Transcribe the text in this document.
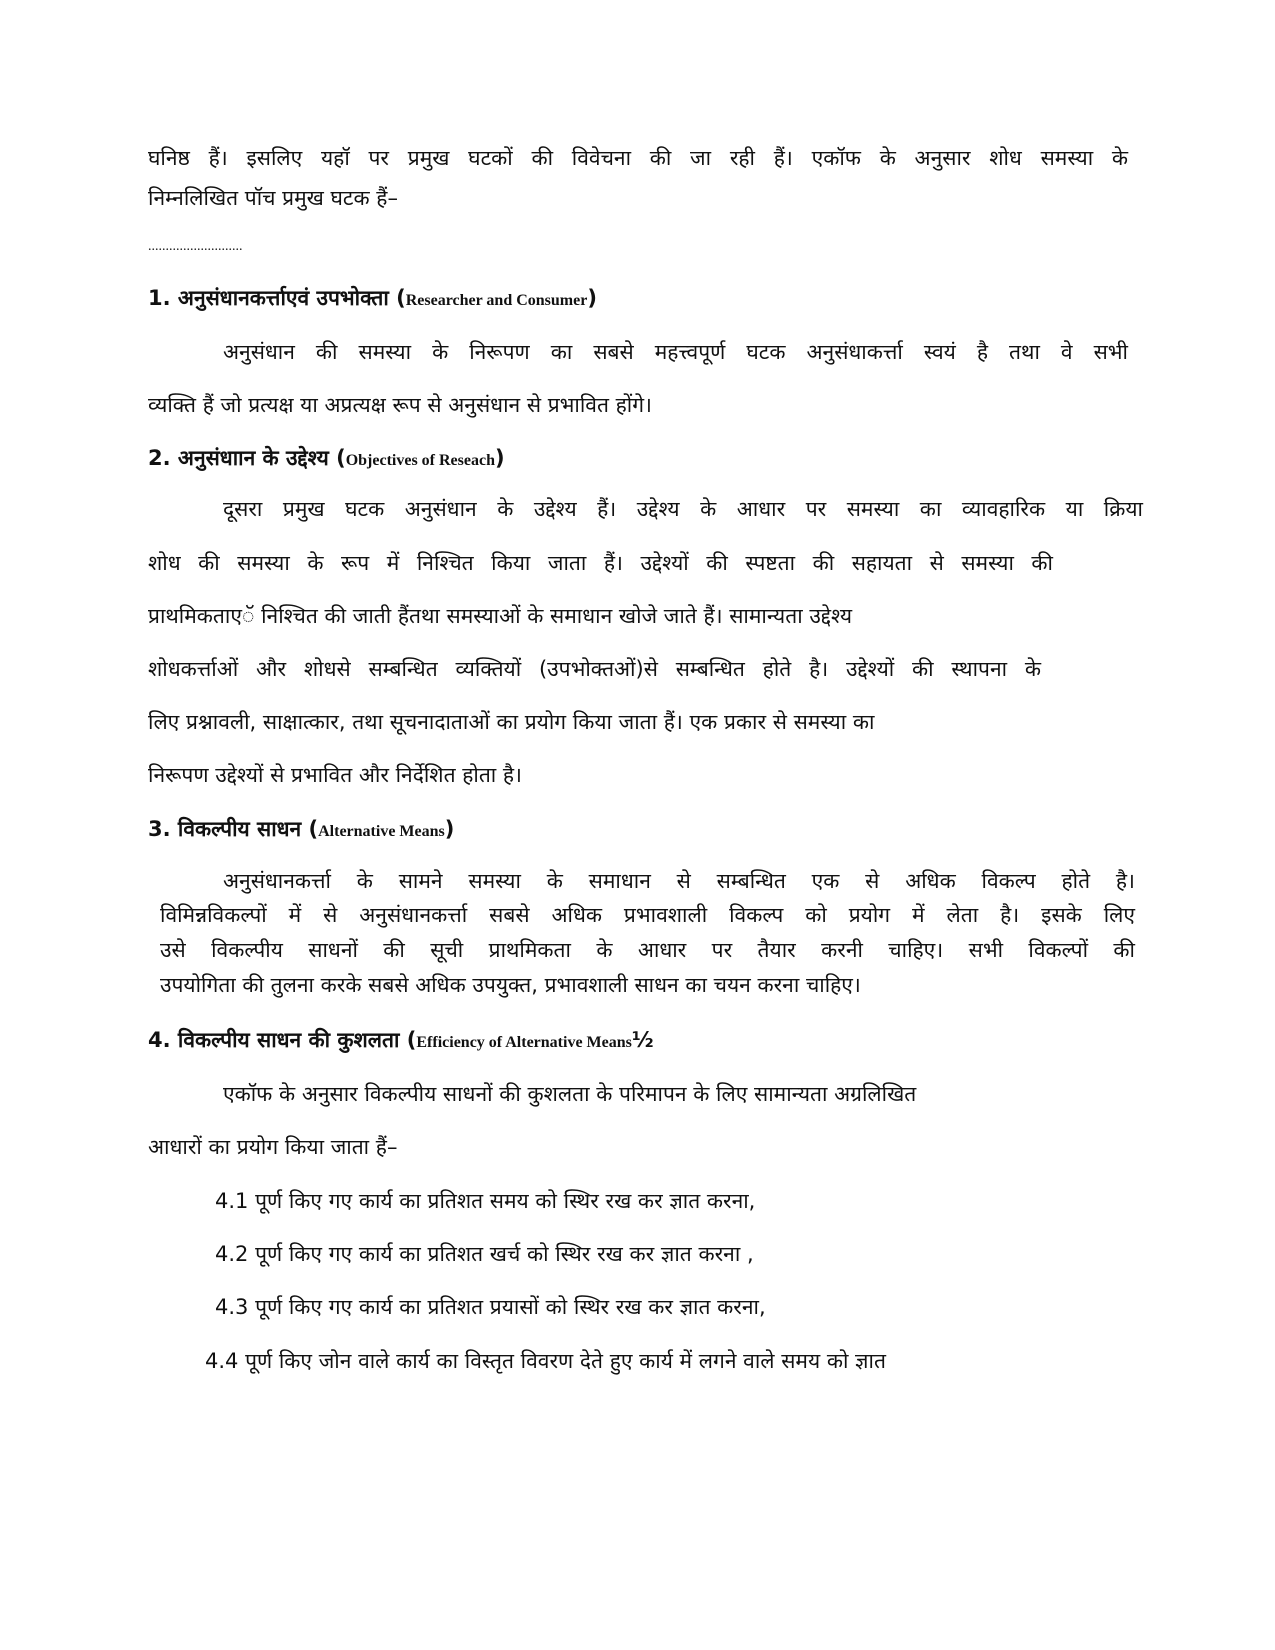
घनिष्ठ हैं। इसलिए यहॉ पर प्रमुख घटकों की विवेचना की जा रही हैं। एकॉफ के अनुसार शोध समस्या के
निम्नलिखित पॉच प्रमुख घटक हैं–
...........................
1. अनुसंधानकर्त्ताएवं उपभोक्ता (Researcher and Consumer)
अनुसंधान की समस्या के निरूपण का सबसे महत्त्वपूर्ण घटक अनुसंधाकर्त्ता स्वयं है तथा वे सभी
व्यक्ति हैं जो प्रत्यक्ष या अप्रत्यक्ष रूप से अनुसंधान से प्रभावित होंगे।
2. अनुसंधाान के उद्देश्य (Objectives of Reseach)
दूसरा प्रमुख घटक अनुसंधान के उद्देश्य हैं। उद्देश्य के आधार पर समस्या का व्यावहारिक या क्रिया
शोध की समस्या के रूप में निश्चित किया जाता हैं। उद्देश्यों की स्पष्टता की सहायता से समस्या की
प्राथमिकताएॅ निश्चित की जाती हैंतथा समस्याओं के समाधान खोजे जाते हैं। सामान्यता उद्देश्य
शोधकर्त्ताओं और शोधसे सम्बन्धित व्यक्तियों (उपभोक्तओं)से सम्बन्धित होते है। उद्देश्यों की स्थापना के
लिए प्रश्नावली, साक्षात्कार, तथा सूचनादाताओं का प्रयोग किया जाता हैं। एक प्रकार से समस्या का
निरूपण उद्देश्यों से प्रभावित और निर्देशित होता है।
3. विकल्पीय साधन (Alternative Means)
अनुसंधानकर्त्ता के सामने समस्या के समाधान से सम्बन्धित एक से अधिक विकल्प होते है।
विमिन्नविकल्पों में से अनुसंधानकर्त्ता सबसे अधिक प्रभावशाली विकल्प को प्रयोग में लेता है। इसके लिए
उसे विकल्पीय साधनों की सूची प्राथमिकता के आधार पर तैयार करनी चाहिए। सभी विकल्पों की
उपयोगिता की तुलना करके सबसे अधिक उपयुक्त, प्रभावशाली साधन का चयन करना चाहिए।
4. विकल्पीय साधन की कुशलता (Efficiency of Alternative Means½
एकॉफ के अनुसार विकल्पीय साधनों की कुशलता के परिमापन के लिए सामान्यता अग्रलिखित
आधारों का प्रयोग किया जाता हैं–
4.1 पूर्ण किए गए कार्य का प्रतिशत समय को स्थिर रख कर ज्ञात करना,
4.2 पूर्ण किए गए कार्य का प्रतिशत खर्च को स्थिर रख कर ज्ञात करना ,
4.3 पूर्ण किए गए कार्य का प्रतिशत प्रयासों को स्थिर रख कर ज्ञात करना,
4.4 पूर्ण किए जोन वाले कार्य का विस्तृत विवरण देते हुए कार्य में लगने वाले समय को ज्ञात
